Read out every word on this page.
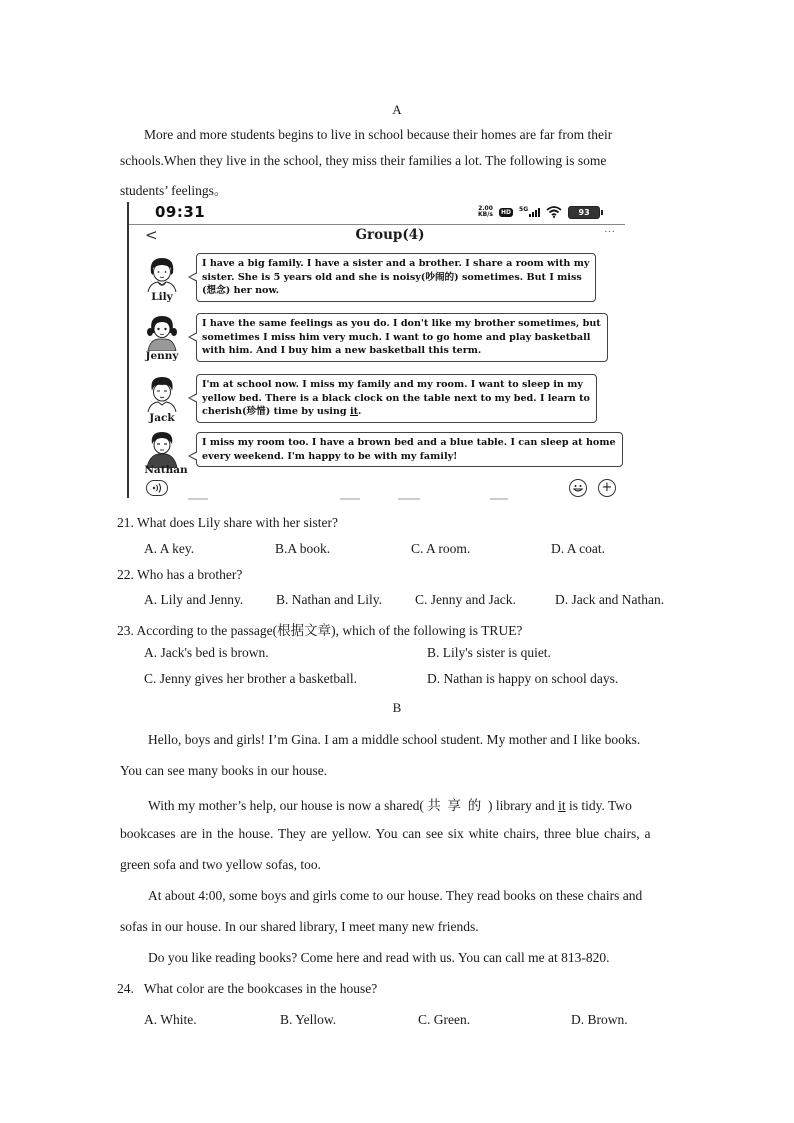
A
More and more students begins to live in school because their homes are far from their
schools.When they live in the school, they miss their families a lot. The following is some
students’ feelings。
09:31	2.00
KB/s	HD	5G	93
<	Group(4)	···
Lily
I have a big family. I have a sister and a brother. I share a room with my
sister. She is 5 years old and she is noisy(吵闹的) sometimes. But I miss
(想念) her now.
Jenny
I have the same feelings as you do. I don't like my brother sometimes, but
sometimes I miss him very much. I want to go home and play basketball
with him. And I buy him a new basketball this term.
Jack
I'm at school now. I miss my family and my room. I want to sleep in my
yellow bed. There is a black clock on the table next to my bed. I learn to
cherish(珍惜) time by using it.
Nathan
I miss my room too. I have a brown bed and a blue table. I can sleep at home
every weekend. I'm happy to be with my family!
+
21. What does Lily share with her sister?
A. A key.	B.A book.	C. A room.	D. A coat.
22. Who has a brother?
A. Lily and Jenny. B. Nathan and Lily. C. Jenny and Jack.	D. Jack and Nathan.
23. According to the passage(根据文章), which of the following is TRUE?
A. Jack's bed is brown.	B. Lily's sister is quiet.
C. Jenny gives her brother a basketball.	D. Nathan is happy on school days.
B
Hello, boys and girls! I’m Gina. I am a middle school student. My mother and I like books.
You can see many books in our house.
With my mother’s help, our house is now a shared( 共  享  的  ) library and it is tidy. Two
bookcases are in the house. They are yellow. You can see six white chairs, three blue chairs, a
green sofa and two yellow sofas, too.
At about 4:00, some boys and girls come to our house. They read books on these chairs and
sofas in our house. In our shared library, I meet many new friends.
Do you like reading books? Come here and read with us. You can call me at 813-820.
24.   What color are the bookcases in the house?
A. White.	B. Yellow.	C. Green.	D. Brown.
